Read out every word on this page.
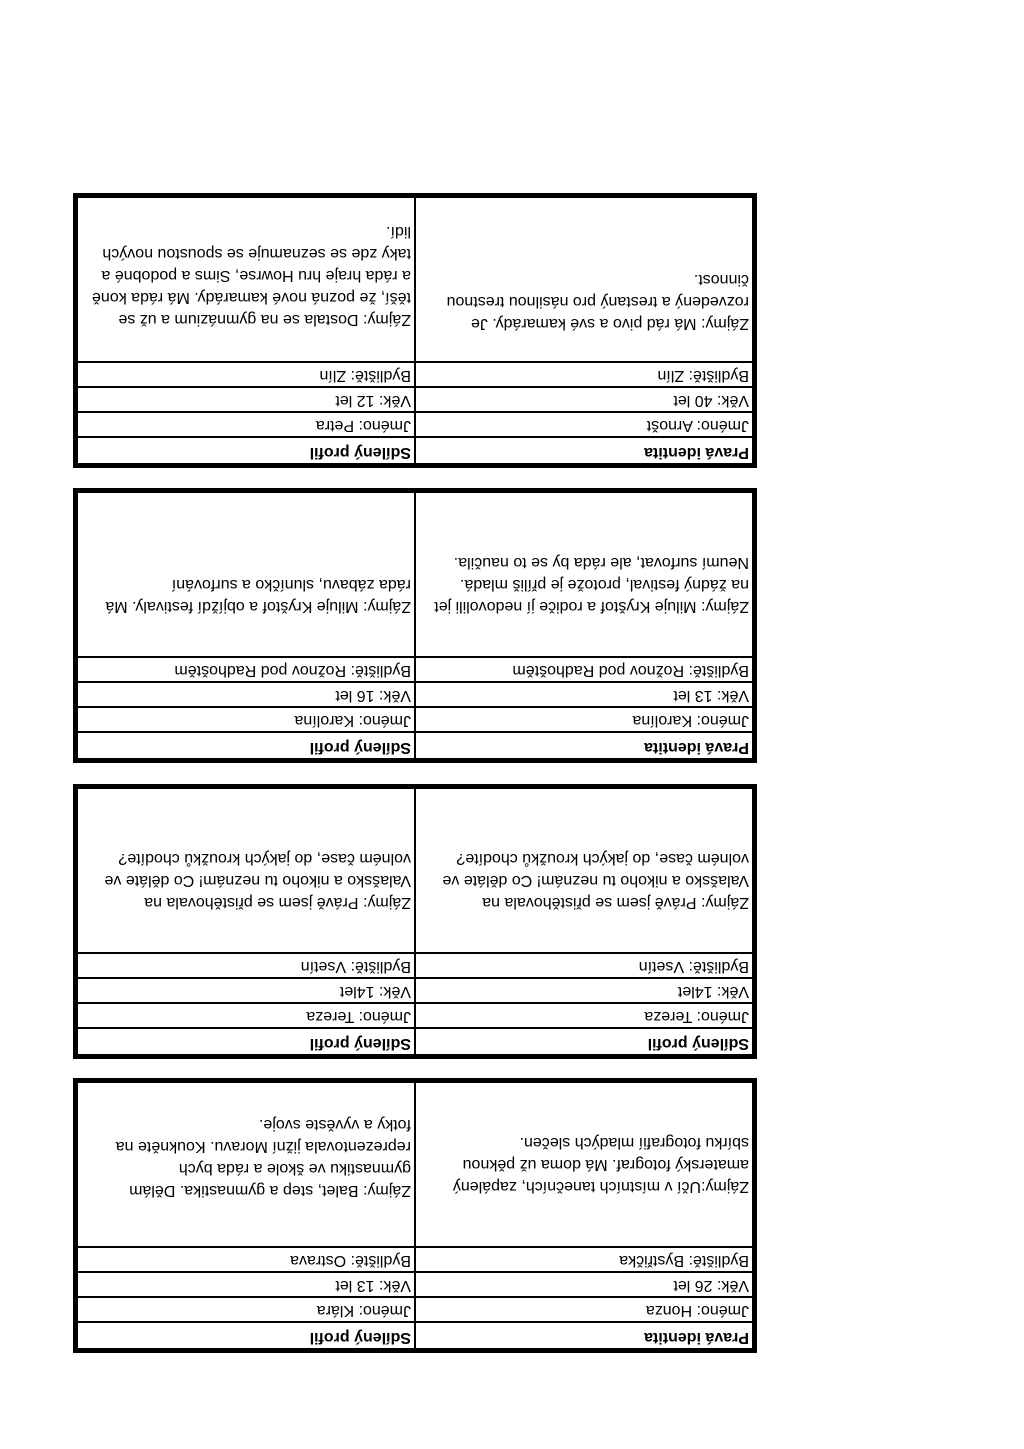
Pravá identita
Jméno: Arnošt
Věk: 40 let
Bydliště: Zlín

Zájmy: Má rád pivo a své kamarády. Je rozvedený a trestaný pro násilnou trestnou činnost.

Sdílený profil
Jméno: Petra
Věk: 12 let
Bydliště: Zlín

Zájmy: Dostala se na gymnázium a už se těší, že pozná nové kamarády. Má ráda koně a ráda hraje hru Howrse, Sims a podobné a taky zde se seznamuje se spoustou nových lidí.

Pravá identita
Jméno: Karolína
Věk: 13 let
Bydliště: Rožnov pod Radhoštěm

Zájmy: Miluje Kryštof a rodiče jí nedovolili jet na žádný festival, protože je příliš mladá. Neumí surfovat, ale ráda by se to naučila.

Sdílený profil
Jméno: Karolína
Věk: 16 let
Bydliště: Rožnov pod Radhoštěm

Zájmy: Miluje Kryštof a objíždí festivaly. Má ráda zábavu, sluníčko a surfování

Sdílený profil
Jméno: Tereza
Věk: 14let
Bydliště: Vsetín

Zájmy: Právě jsem se přistěhovala na Valašsko a nikoho tu neznám! Co děláte ve volném čase, do jakých kroužků chodíte?

Sdílený profil
Jméno: Tereza
Věk: 14let
Bydliště: Vsetín

Zájmy: Právě jsem se přistěhovala na Valašsko a nikoho tu neznám! Co děláte ve volném čase, do jakých kroužků chodíte?

Pravá identita
Jméno: Honza
Věk: 26 let
Bydliště: Bystřička

Zájmy:Učí v místních tanečních, zapálený amaterský fotograf. Má doma už pěknou sbírku fotografií mladých slečen.

Sdílený profil
Jméno: Klára
Věk: 13 let
Bydliště: Ostrava

Zájmy: Balet, step a gymnastika. Dělám gymnastiku ve škole a ráda bych reprezentovala jižní Moravu. Koukněte na fotky a vyvěste svoje.
